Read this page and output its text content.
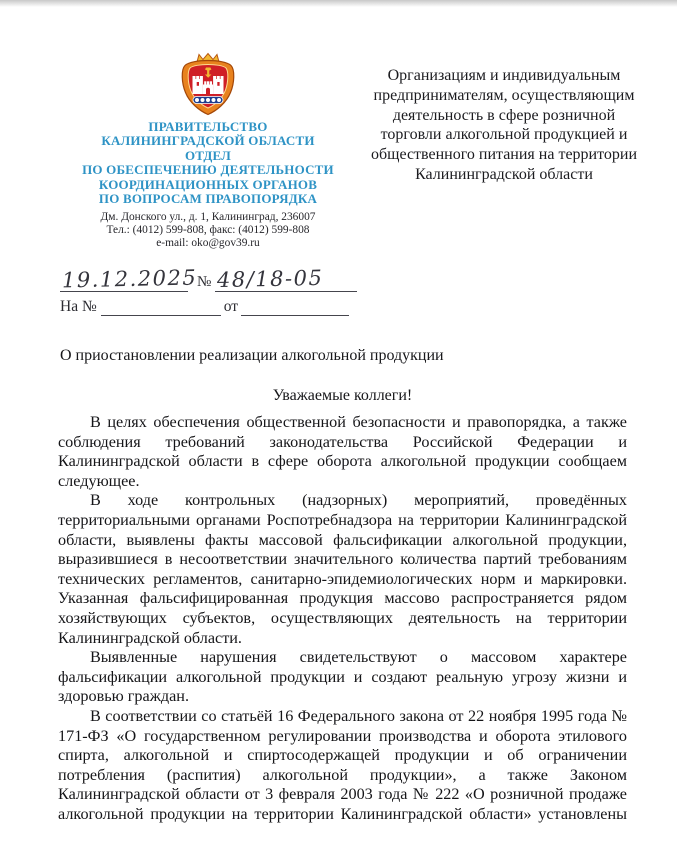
ПРАВИТЕЛЬСТВО
КАЛИНИНГРАДСКОЙ ОБЛАСТИ
ОТДЕЛ
ПО ОБЕСПЕЧЕНИЮ ДЕЯТЕЛЬНОСТИ
КООРДИНАЦИОННЫХ ОРГАНОВ
ПО ВОПРОСАМ ПРАВОПОРЯДКА
Дм. Донского ул., д. 1, Калининград, 236007
Тел.: (4012) 599-808, факс: (4012) 599-808
e-mail: oko@gov39.ru
Организациям и индивидуальным
предпринимателям, осуществляющим
деятельность в сфере розничной
торговли алкогольной продукцией и
общественного питания на территории
Калининградской области
19.12.2025 № 48/18-05
На №	от
О приостановлении реализации алкогольной продукции
Уважаемые коллеги!

В целях обеспечения общественной безопасности и правопорядка, а также соблюдения требований законодательства Российской Федерации и Калининградской области в сфере оборота алкогольной продукции сообщаем следующее.

В ходе контрольных (надзорных) мероприятий, проведённых территориальными органами Роспотребнадзора на территории Калининградской области, выявлены факты массовой фальсификации алкогольной продукции, выразившиеся в несоответствии значительного количества партий требованиям технических регламентов, санитарно-эпидемиологических норм и маркировки. Указанная фальсифицированная продукция массово распространяется рядом хозяйствующих субъектов, осуществляющих деятельность на территории Калининградской области.

Выявленные нарушения свидетельствуют о массовом характере фальсификации алкогольной продукции и создают реальную угрозу жизни и здоровью граждан.

В соответствии со статьёй 16 Федерального закона от 22 ноября 1995 года № 171-ФЗ «О государственном регулировании производства и оборота этилового спирта, алкогольной и спиртосодержащей продукции и об ограничении потребления (распития) алкогольной продукции», а также Законом Калининградской области от 3 февраля 2003 года № 222 «О розничной продаже алкогольной продукции на территории Калининградской области» установлены
